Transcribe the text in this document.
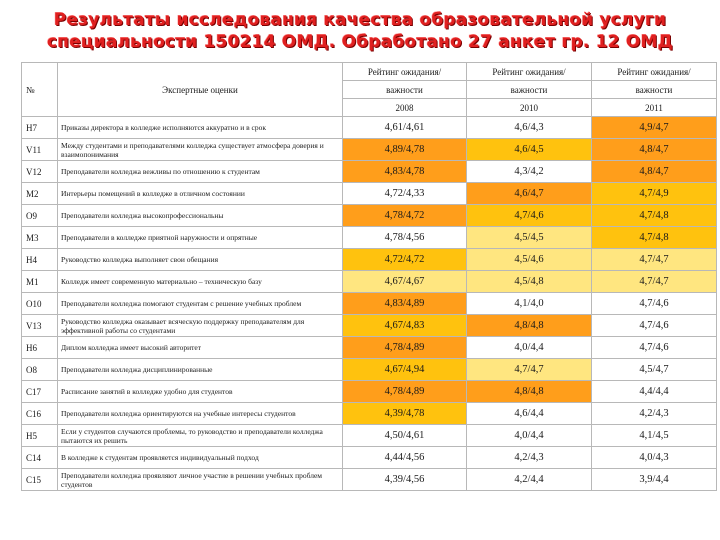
Результаты исследования качества образовательной услуги
специальности 150214 ОМД. Обработано 27 анкет гр. 12 ОМД
№	Экспертные оценки	Рейтинг ожидания/	Рейтинг ожидания/	Рейтинг ожидания/
		важности	важности	важности
		2008	2010	2011
Н7	Приказы директора в колледже исполняются аккуратно и в срок	4,61/4,61	4,6/4,3	4,9/4,7
V11	Между студентами и преподавателями колледжа существует атмосфера доверия и взаимопонимания	4,89/4,78	4,6/4,5	4,8/4,7
V12	Преподаватели колледжа вежливы по отношению к студентам	4,83/4,78	4,3/4,2	4,8/4,7
М2	Интерьеры помещений в колледже в отличном состоянии	4,72/4,33	4,6/4,7	4,7/4,9
О9	Преподаватели колледжа высокопрофессиональны	4,78/4,72	4,7/4,6	4,7/4,8
М3	Преподаватели в колледже приятной наружности и опрятные	4,78/4,56	4,5/4,5	4,7/4,8
Н4	Руководство колледжа выполняет свои обещания	4,72/4,72	4,5/4,6	4,7/4,7
М1	Колледж имеет современную материально – техническую базу	4,67/4,67	4,5/4,8	4,7/4,7
О10	Преподаватели колледжа помогают студентам с решение учебных проблем	4,83/4,89	4,1/4,0	4,7/4,6
V13	Руководство колледжа оказывает всяческую поддержку преподавателям для эффективной работы со студентами	4,67/4,83	4,8/4,8	4,7/4,6
Н6	Диплом колледжа имеет высокий авторитет	4,78/4,89	4,0/4,4	4,7/4,6
О8	Преподаватели колледжа дисциплинированные	4,67/4,94	4,7/4,7	4,5/4,7
С17	Расписание занятий в колледже удобно для студентов	4,78/4,89	4,8/4,8	4,4/4,4
С16	Преподаватели колледжа ориентируются на учебные интересы студентов	4,39/4,78	4,6/4,4	4,2/4,3
Н5	Если у студентов случаются проблемы, то руководство и преподаватели колледжа пытаются их решить	4,50/4,61	4,0/4,4	4,1/4,5
С14	В колледже к студентам проявляется индивидуальный подход	4,44/4,56	4,2/4,3	4,0/4,3
С15	Преподаватели колледжа проявляют личное участие в решении учебных проблем студентов	4,39/4,56	4,2/4,4	3,9/4,4
